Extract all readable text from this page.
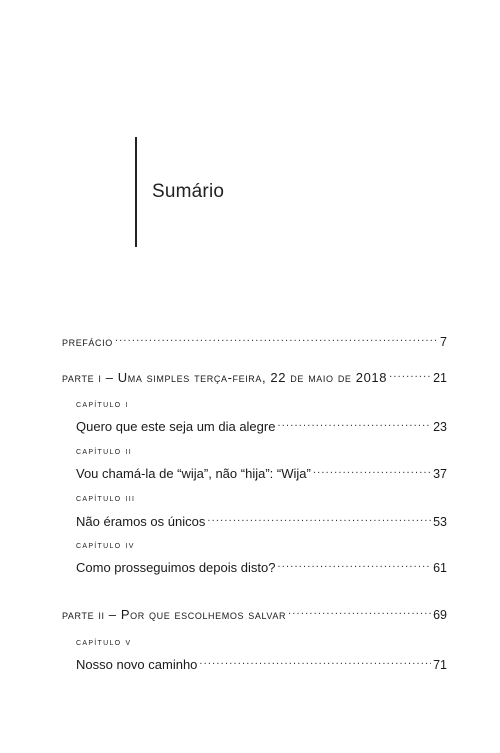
Sumário
prefácio .....	7
parte i – Uma simples terça-feira, 22 de maio de 2018 .....	21
capítulo i
Quero que este seja um dia alegre .....	23
capítulo ii
Vou chamá-la de “wija”, não “hija”: “Wija” .....	37
capítulo iii
Não éramos os únicos .....	53
capítulo iv
Como prosseguimos depois disto? .....	61
parte ii – Por que escolhemos salvar .....	69
capítulo v
Nosso novo caminho .....	71
